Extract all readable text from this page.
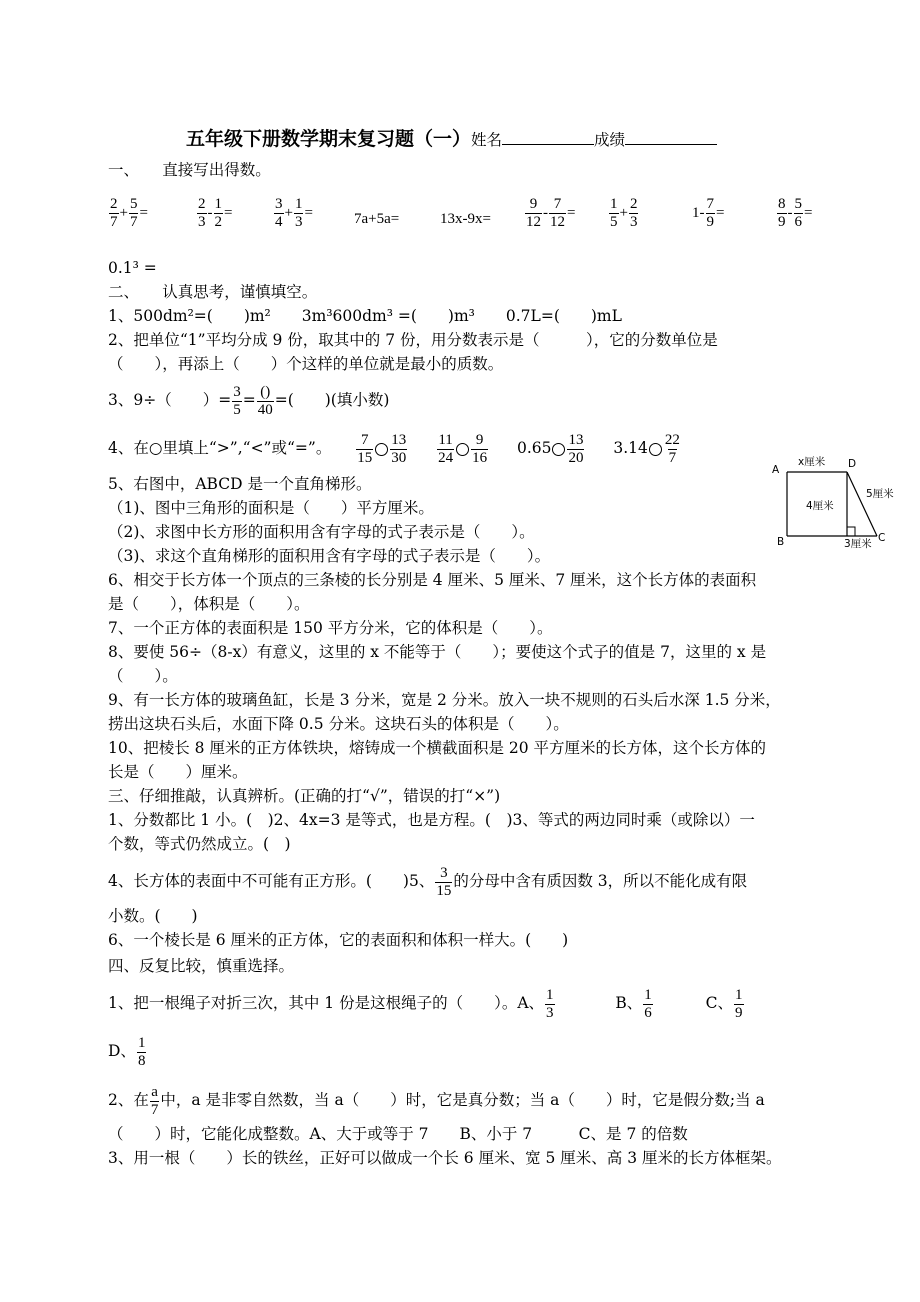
五年级下册数学期末复习题（一）姓名	成绩
一、　　直接写出得数。
$\frac{2}{7} + \frac{5}{7}$ =	$\frac{2}{3} - \frac{1}{2}$ =	$\frac{3}{4} + \frac{1}{3}$ =	7a+5a=	$13x-9x= \frac{9}{12} - \frac{7}{12} = \frac{1}{5} + \frac{2}{3}$	$1- \frac{7}{9}$ =	$\frac{8}{9} - \frac{5}{6}$ =
0.1³ =
二、　　认真思考，谨慎填空。
1、500dm²=(　　)m²　　3m³600dm³ =(　　)m³　　0.7L=(　　)mL
2、把单位“1”平均分成 9 份，取其中的 7 份，用分数表示是（　　　），它的分数单位是
（　　），再添上（　　）个这样的单位就是最小的质数。
3、9÷（　　）= $\frac{3}{5} = \frac{()}{40}$ =(　　)(填小数)
4、在○里填上“>”,“<”或“=”。 $\frac{7}{15} \frac{13}{30}$
$\frac{11}{24} \frac{9}{16} 0.65 \frac{13}{20} 3.14 \frac{22}{7}$
5、右图中，ABCD 是一个直角梯形。
（1)、图中三角形的面积是（　　）平方厘米。
（2)、求图中长方形的面积用含有字母的式子表示是（　　）。
（3)、求这个直角梯形的面积用含有字母的式子表示是（　　）。
6、相交于长方体一个顶点的三条棱的长分别是 4 厘米、5 厘米、7 厘米，这个长方体的表面积
是（　　），体积是（　　）。
7、一个正方体的表面积是 150 平方分米，它的体积是（　　）。
8、要使 56÷（8-x）有意义，这里的 x 不能等于（　　）；要使这个式子的值是 7，这里的 x 是
（　　）。
9、有一长方体的玻璃鱼缸，长是 3 分米，宽是 2 分米。放入一块不规则的石头后水深 1.5 分米，
捞出这块石头后，水面下降 0.5 分米。这块石头的体积是（　　）。
10、把棱长 8 厘米的正方体铁块，熔铸成一个横截面积是 20 平方厘米的长方体，这个长方体的
长是（　　）厘米。
A
B	C
D
x厘米
4厘米
5厘米
3厘米
三、仔细推敲，认真辨析。(正确的打“√”，错误的打“×”)
1、分数都比 1 小。(　)2、4x=3 是等式，也是方程。(　)3、等式的两边同时乘（或除以）一
个数，等式仍然成立。(　)
4、长方体的表面中不可能有正方形。(　　)5、 $\frac{3}{15}$ 的分母中含有质因数 3，所以不能化成有限
小数。(　　)
6、一个棱长是 6 厘米的正方体，它的表面积和体积一样大。(　　)
四、反复比较，慎重选择。
1、把一根绳子对折三次，其中 1 份是这根绳子的（　　）。A、 $\frac{1}{3}$	B、 $\frac{1}{6}$	C、 $\frac{1}{9}$
D、 $\frac{1}{8}$
2、在 $\frac{a}{7}$ 中，a 是非零自然数，当 a（　　）时，它是真分数；当 a（　　）时，它是假分数;当 a
（　　）时，它能化成整数。A、大于或等于 7　　B、小于 7　　　C、是 7 的倍数
3、用一根（　　）长的铁丝，正好可以做成一个长 6 厘米、宽 5 厘米、高 3 厘米的长方体框架。
